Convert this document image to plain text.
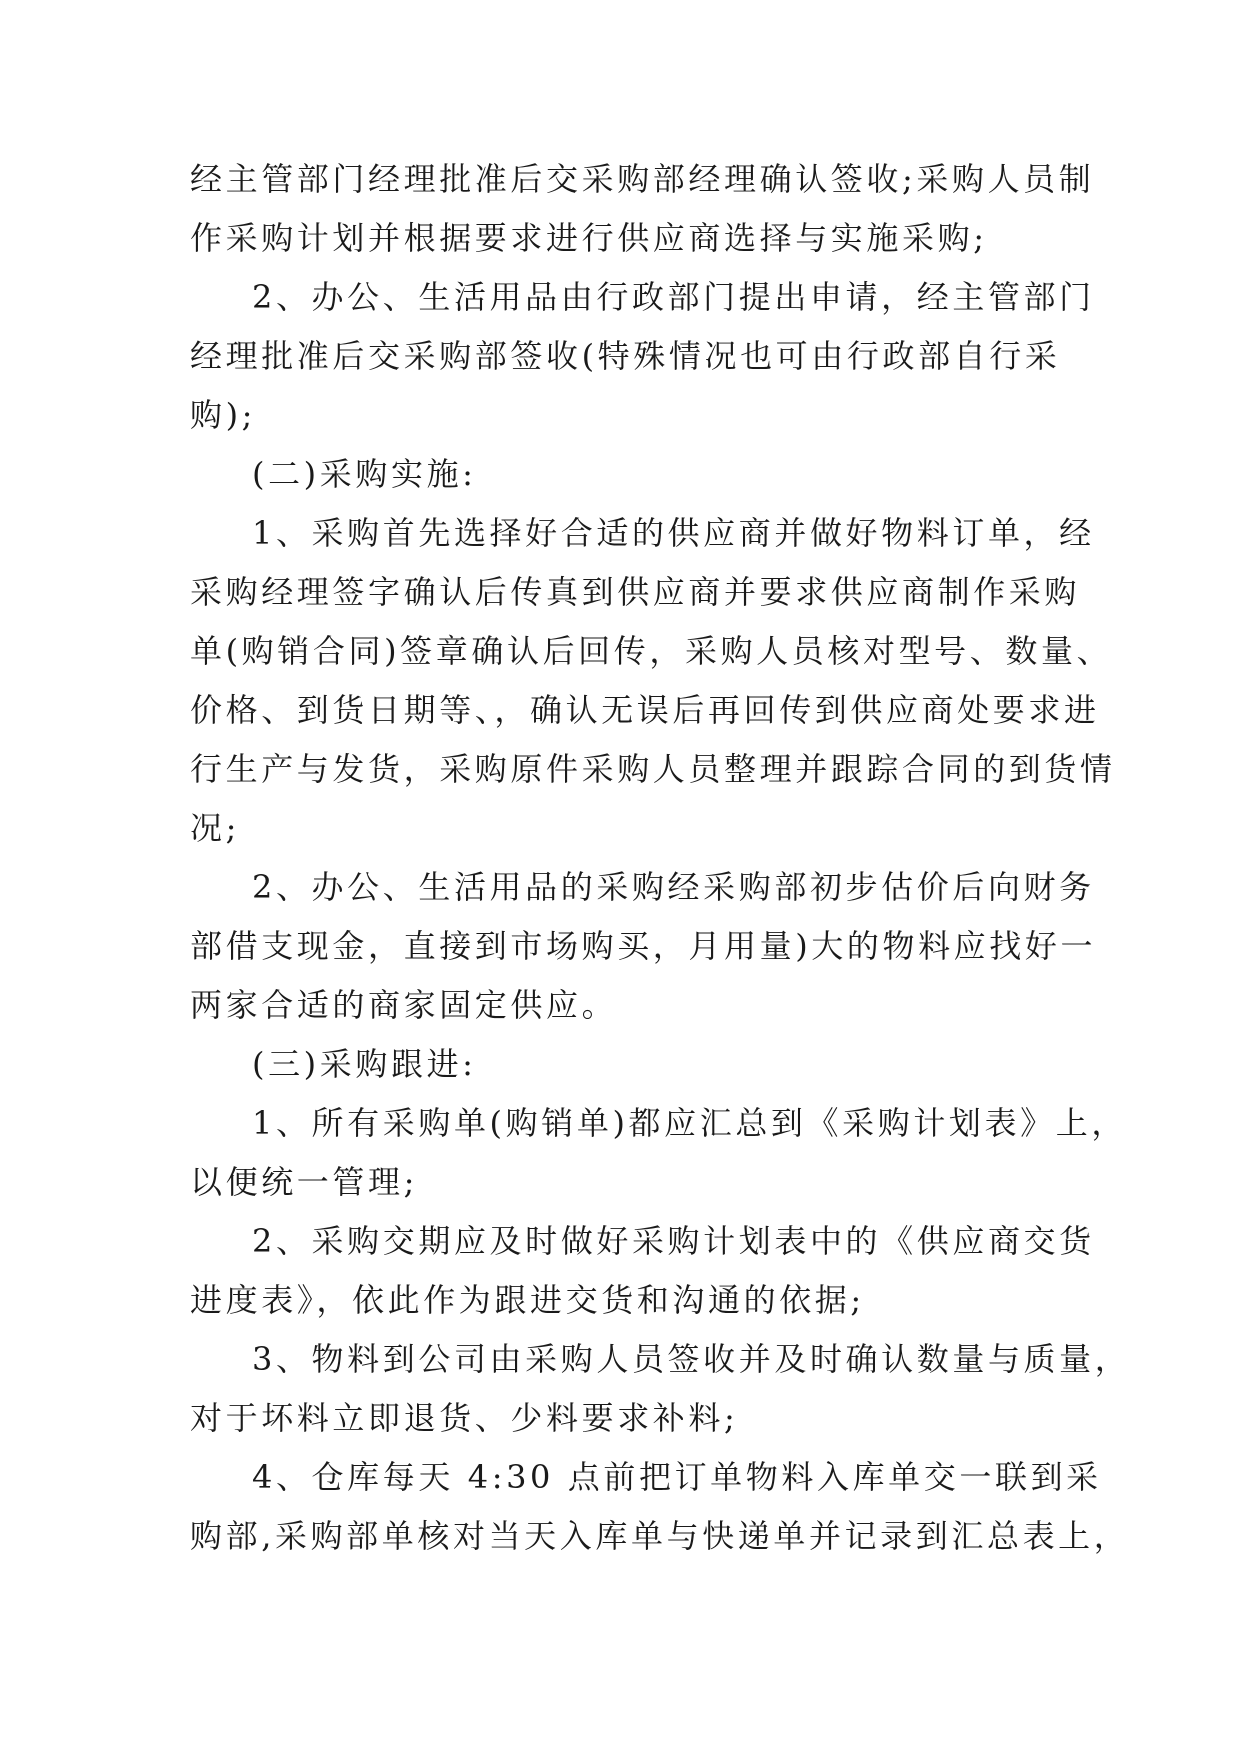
经主管部门经理批准后交采购部经理确认签收;采购人员制
作采购计划并根据要求进行供应商选择与实施采购;
2、办公、生活用品由行政部门提出申请，经主管部门
经理批准后交采购部签收(特殊情况也可由行政部自行采
购);
(二)采购实施:
1、采购首先选择好合适的供应商并做好物料订单，经
采购经理签字确认后传真到供应商并要求供应商制作采购
单(购销合同)签章确认后回传，采购人员核对型号、数量、
价格、到货日期等、，确认无误后再回传到供应商处要求进
行生产与发货，采购原件采购人员整理并跟踪合同的到货情
况;
2、办公、生活用品的采购经采购部初步估价后向财务
部借支现金，直接到市场购买，月用量)大的物料应找好一
两家合适的商家固定供应。
(三)采购跟进:
1、所有采购单(购销单)都应汇总到《采购计划表》上，
以便统一管理;
2、采购交期应及时做好采购计划表中的《供应商交货
进度表》，依此作为跟进交货和沟通的依据;
3、物料到公司由采购人员签收并及时确认数量与质量，
对于坏料立即退货、少料要求补料;
4、仓库每天 4:30 点前把订单物料入库单交一联到采
购部,采购部单核对当天入库单与快递单并记录到汇总表上，
